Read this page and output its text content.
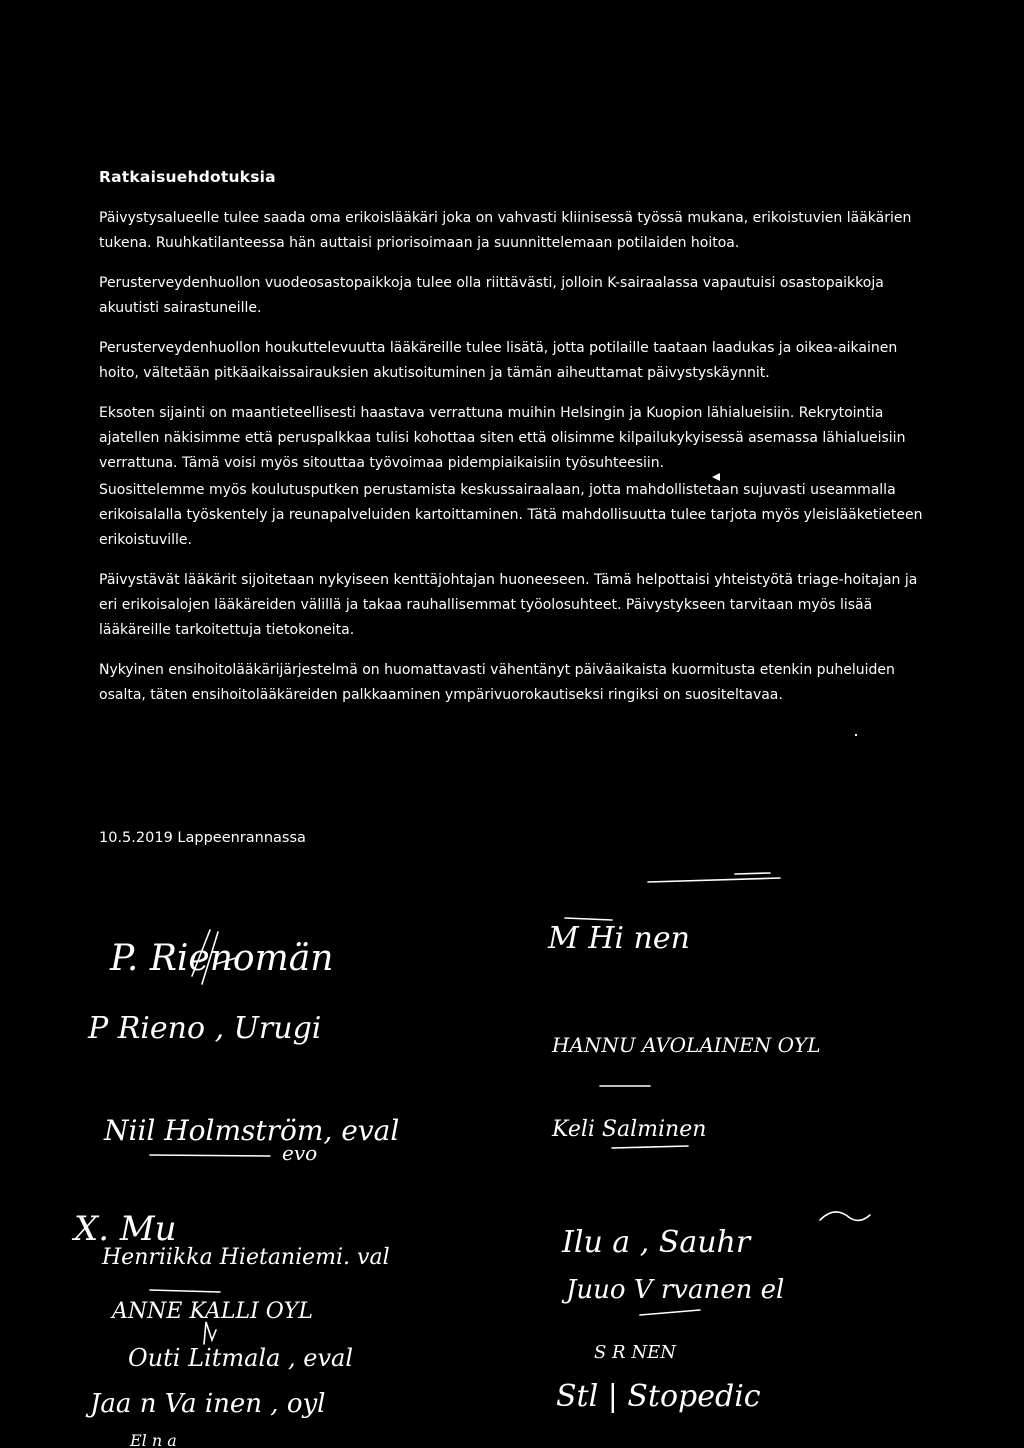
Ratkaisuehdotuksia

Päivystysalueelle tulee saada oma erikoislääkäri joka on vahvasti kliinisessä työssä mukana, erikoistuvien lääkärien tukena. Ruuhkatilanteessa hän auttaisi priorisoimaan ja suunnittelemaan potilaiden hoitoa.

Perusterveydenhuollon vuodeosastopaikkoja tulee olla riittävästi, jolloin K-sairaalassa vapautuisi osastopaikkoja akuutisti sairastuneille.

Perusterveydenhuollon houkuttelevuutta lääkäreille tulee lisätä, jotta potilaille taataan laadukas ja oikea-aikainen hoito, vältetään pitkäaikaissairauksien akutisoituminen ja tämän aiheuttamat päivystyskäynnit.

Eksoten sijainti on maantieteellisesti haastava verrattuna muihin Helsingin ja Kuopion lähialueisiin. Rekrytointia ajatellen näkisimme että peruspalkkaa tulisi kohottaa siten että olisimme kilpailukykyisessä asemassa lähialueisiin verrattuna. Tämä voisi myös sitouttaa työvoimaa pidempiaikaisiin työsuhteesiin.

Suosittelemme myös koulutusputken perustamista keskussairaalaan, jotta mahdollistetaan sujuvasti useammalla erikoisalalla työskentely ja reunapalveluiden kartoittaminen. Tätä mahdollisuutta tulee tarjota myös yleislääketieteen erikoistuville.

Päivystävät lääkärit sijoitetaan nykyiseen kenttäjohtajan huoneeseen. Tämä helpottaisi yhteistyötä triage-hoitajan ja eri erikoisalojen lääkäreiden välillä ja takaa rauhallisemmat työolosuhteet. Päivystykseen tarvitaan myös lisää lääkäreille tarkoitettuja tietokoneita.

Nykyinen ensihoitolääkärijärjestelmä on huomattavasti vähentänyt päiväaikaista kuormitusta etenkin puheluiden osalta, täten ensihoitolääkäreiden palkkaaminen ympärivuorokautiseksi ringiksi on suositeltavaa.

10.5.2019 Lappeenrannassa
P. Rienomän
P Rieno , Urugi
Niil Holmström, eval
evo
X. Mu
Henriikka Hietaniemi. val
ANNE KALLI OYL
Outi Litmala , eval
Jaa n Va inen , oyl
El n a
M Hi nen
HANNU AVOLAINEN OYL
Keli Salminen
Ilu a , Sauhr
Juuo V rvanen el
S R NEN
Stl | Stopedic
